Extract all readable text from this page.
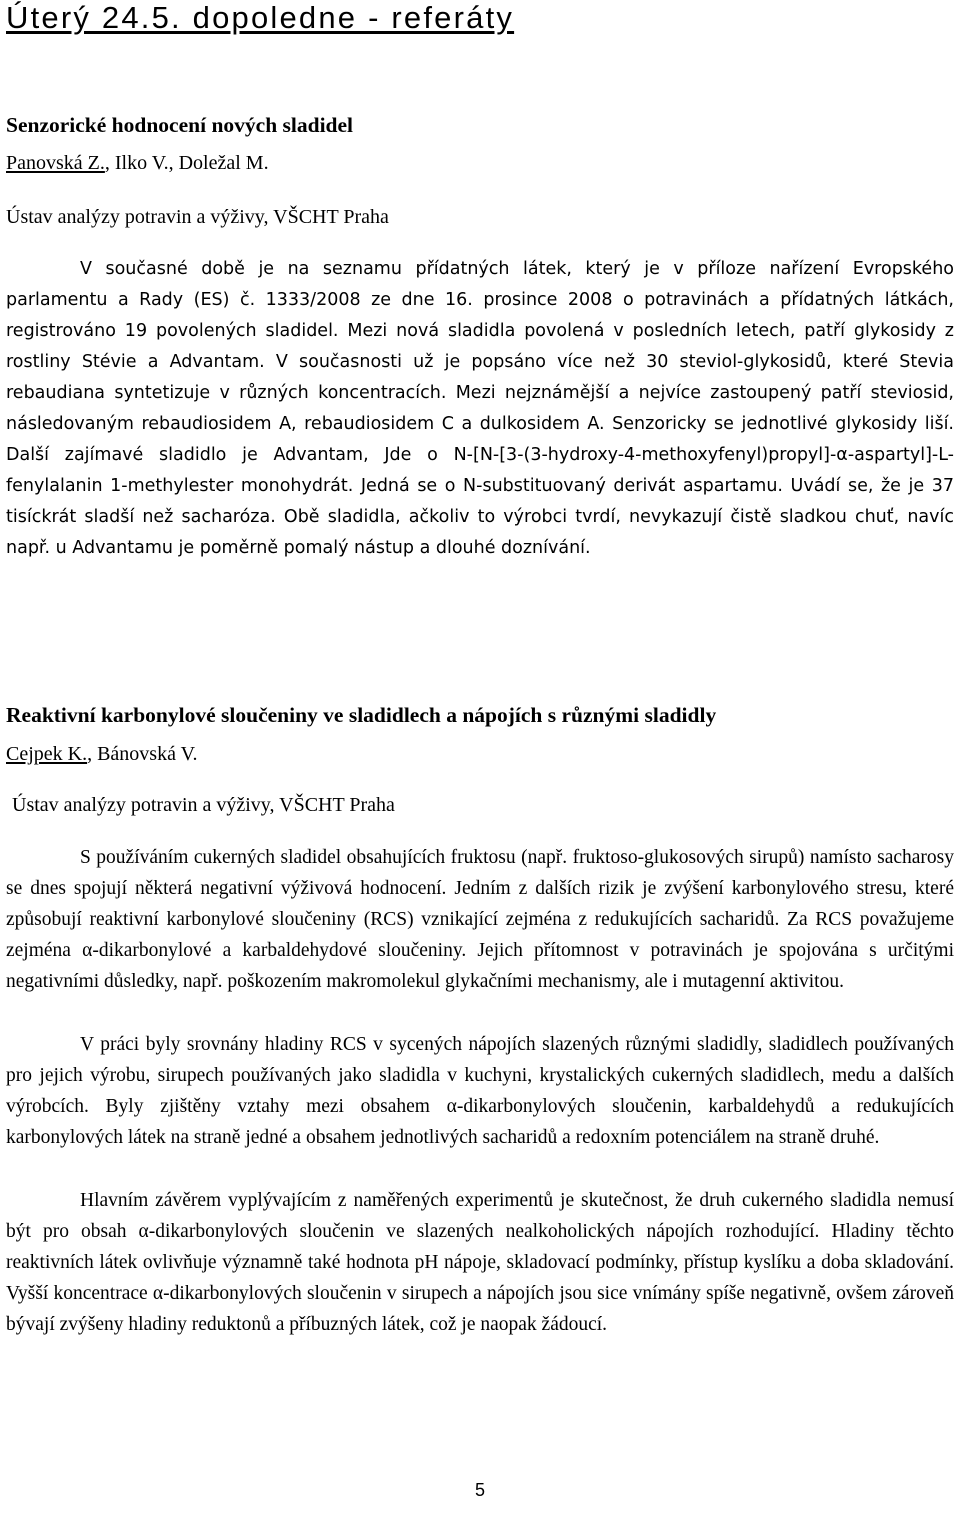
Úterý 24.5. dopoledne - referáty
Senzorické hodnocení nových sladidel
Panovská Z., Ilko V., Doležal M.
Ústav analýzy potravin a výživy, VŠCHT Praha

V současné době je na seznamu přídatných látek, který je v příloze nařízení Evropského parlamentu a Rady (ES) č. 1333/2008 ze dne 16. prosince 2008 o potravinách a přídatných látkách, registrováno 19 povolených sladidel. Mezi nová sladidla povolená v posledních letech, patří glykosidy z rostliny Stévie a Advantam. V současnosti už je popsáno více než 30 steviol-glykosidů, které Stevia rebaudiana syntetizuje v různých koncentracích. Mezi nejznámější a nejvíce zastoupený patří steviosid, následovaným rebaudiosidem A, rebaudiosidem C a dulkosidem A. Senzoricky se jednotlivé glykosidy liší. Další zajímavé sladidlo je Advantam, Jde o N-[N-[3-(3-hydroxy-4-methoxyfenyl)propyl]-α-aspartyl]-L-fenylalanin 1-methylester monohydrát. Jedná se o N-substituovaný derivát aspartamu. Uvádí se, že je 37 tisíckrát sladší než sacharóza. Obě sladidla, ačkoliv to výrobci tvrdí, nevykazují čistě sladkou chuť, navíc např. u Advantamu je poměrně pomalý nástup a dlouhé doznívání.

Reaktivní karbonylové sloučeniny ve sladidlech a nápojích s různými sladidly
Cejpek K., Bánovská V.
Ústav analýzy potravin a výživy, VŠCHT Praha

S používáním cukerných sladidel obsahujících fruktosu (např. fruktoso-glukosových sirupů) namísto sacharosy se dnes spojují některá negativní výživová hodnocení. Jedním z dalších rizik je zvýšení karbonylového stresu, které způsobují reaktivní karbonylové sloučeniny (RCS) vznikající zejména z redukujících sacharidů. Za RCS považujeme zejména α-dikarbonylové a karbaldehydové sloučeniny. Jejich přítomnost v potravinách je spojována s určitými negativními důsledky, např. poškozením makromolekul glykačními mechanismy, ale i mutagenní aktivitou.

V práci byly srovnány hladiny RCS v sycených nápojích slazených různými sladidly, sladidlech používaných pro jejich výrobu, sirupech používaných jako sladidla v kuchyni, krystalických cukerných sladidlech, medu a dalších výrobcích. Byly zjištěny vztahy mezi obsahem α-dikarbonylových sloučenin, karbaldehydů a redukujících karbonylových látek na straně jedné a obsahem jednotlivých sacharidů a redoxním potenciálem na straně druhé.

Hlavním závěrem vyplývajícím z naměřených experimentů je skutečnost, že druh cukerného sladidla nemusí být pro obsah α-dikarbonylových sloučenin ve slazených nealkoholických nápojích rozhodující. Hladiny těchto reaktivních látek ovlivňuje významně také hodnota pH nápoje, skladovací podmínky, přístup kyslíku a doba skladování. Vyšší koncentrace α-dikarbonylových sloučenin v sirupech a nápojích jsou sice vnímány spíše negativně, ovšem zároveň bývají zvýšeny hladiny reduktonů a příbuzných látek, což je naopak žádoucí.

5
